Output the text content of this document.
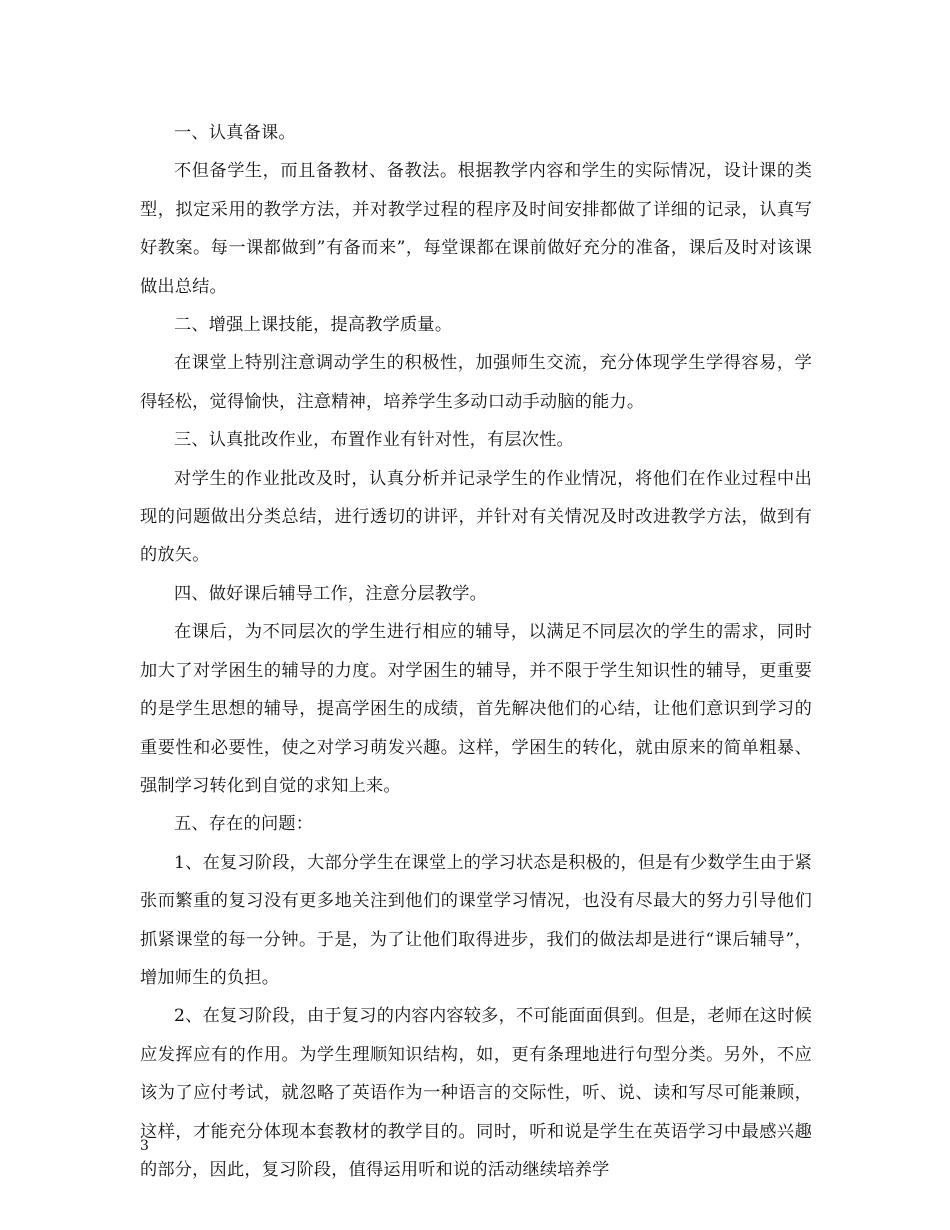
一、认真备课。

不但备学生，而且备教材、备教法。根据教学内容和学生的实际情况，设计课的类型，拟定采用的教学方法，并对教学过程的程序及时间安排都做了详细的记录，认真写好教案。每一课都做到”有备而来”，每堂课都在课前做好充分的准备，课后及时对该课做出总结。

二、增强上课技能，提高教学质量。

在课堂上特别注意调动学生的积极性，加强师生交流，充分体现学生学得容易，学得轻松，觉得愉快，注意精神，培养学生多动口动手动脑的能力。

三、认真批改作业，布置作业有针对性，有层次性。

对学生的作业批改及时，认真分析并记录学生的作业情况，将他们在作业过程中出现的问题做出分类总结，进行透切的讲评，并针对有关情况及时改进教学方法，做到有的放矢。

四、做好课后辅导工作，注意分层教学。

在课后，为不同层次的学生进行相应的辅导，以满足不同层次的学生的需求，同时加大了对学困生的辅导的力度。对学困生的辅导，并不限于学生知识性的辅导，更重要的是学生思想的辅导，提高学困生的成绩，首先解决他们的心结，让他们意识到学习的重要性和必要性，使之对学习萌发兴趣。这样，学困生的转化，就由原来的简单粗暴、强制学习转化到自觉的求知上来。

五、存在的问题：

1、在复习阶段，大部分学生在课堂上的学习状态是积极的，但是有少数学生由于紧张而繁重的复习没有更多地关注到他们的课堂学习情况，也没有尽最大的努力引导他们抓紧课堂的每一分钟。于是，为了让他们取得进步，我们的做法却是进行“课后辅导”，增加师生的负担。

2、在复习阶段，由于复习的内容内容较多，不可能面面俱到。但是，老师在这时候应发挥应有的作用。为学生理顺知识结构，如，更有条理地进行句型分类。另外，不应该为了应付考试，就忽略了英语作为一种语言的交际性，听、说、读和写尽可能兼顾，这样，才能充分体现本套教材的教学目的。同时，听和说是学生在英语学习中最感兴趣的部分，因此，复习阶段，值得运用听和说的活动继续培养学

3
